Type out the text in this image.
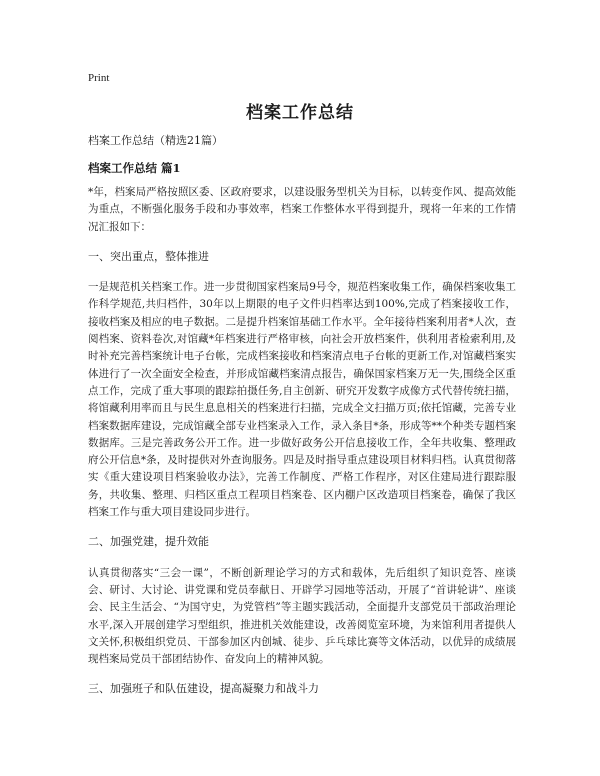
Print
档案工作总结
档案工作总结（精选21篇）
档案工作总结 篇1

*年，档案局严格按照区委、区政府要求，以建设服务型机关为目标，以转变作风、提高效能为重点，不断强化服务手段和办事效率，档案工作整体水平得到提升，现将一年来的工作情况汇报如下：

一、突出重点，整体推进

一是规范机关档案工作。进一步贯彻国家档案局9号令，规范档案收集工作，确保档案收集工作科学规范,共归档件，30年以上期限的电子文件归档率达到100%,完成了档案接收工作，接收档案及相应的电子数据。二是提升档案馆基础工作水平。全年接待档案利用者*人次，查阅档案、资料卷次,对馆藏*年档案进行严格审核，向社会开放档案件，供利用者检索利用,及时补充完善档案统计电子台帐，完成档案接收和档案清点电子台帐的更新工作,对馆藏档案实体进行了一次全面安全检查，并形成馆藏档案清点报告，确保国家档案万无一失,围绕全区重点工作，完成了重大事项的跟踪拍摄任务,自主创新、研究开发数字成像方式代替传统扫描，将馆藏利用率而且与民生息息相关的档案进行扫描，完成全文扫描万页;依托馆藏，完善专业档案数据库建设，完成馆藏全部专业档案录入工作，录入条目*条，形成等**个种类专题档案数据库。三是完善政务公开工作。进一步做好政务公开信息接收工作，全年共收集、整理政府公开信息*条，及时提供对外查询服务。四是及时指导重点建设项目材料归档。认真贯彻落实《重大建设项目档案验收办法》，完善工作制度、严格工作程序，对区住建局进行跟踪服务，共收集、整理、归档区重点工程项目档案卷、区内棚户区改造项目档案卷，确保了我区档案工作与重大项目建设同步进行。

二、加强党建，提升效能

认真贯彻落实“三会一课”，不断创新理论学习的方式和载体，先后组织了知识竞答、座谈会、研讨、大讨论、讲党课和党员奉献日、开辟学习园地等活动，开展了“首讲轮讲”、座谈会、民主生活会、“为国守史，为党管档”等主题实践活动，全面提升支部党员干部政治理论水平,深入开展创建学习型组织，推进机关效能建设，改善阅览室环境，为来馆利用者提供人文关怀,积极组织党员、干部参加区内创城、徒步、乒乓球比赛等文体活动，以优异的成绩展现档案局党员干部团结协作、奋发向上的精神风貌。

三、加强班子和队伍建设，提高凝聚力和战斗力
